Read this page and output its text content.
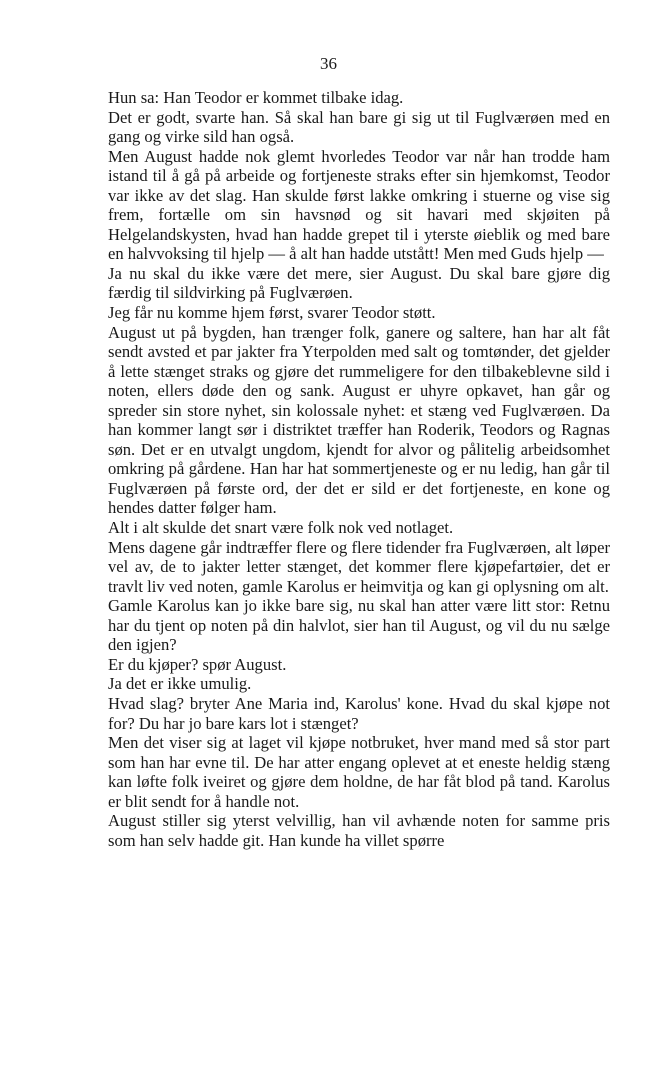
36

Hun sa: Han Teodor er kommet tilbake idag.

Det er godt, svarte han. Så skal han bare gi sig ut til Fuglværøen med en gang og virke sild han også.

Men August hadde nok glemt hvorledes Teodor var når han trodde ham istand til å gå på arbeide og fortjeneste straks efter sin hjemkomst, Teodor var ikke av det slag. Han skulde først lakke omkring i stuerne og vise sig frem, fortælle om sin havsnød og sit havari med skjøiten på Helgelandskysten, hvad han hadde grepet til i yterste øieblik og med bare en halvvoksing til hjelp — å alt han hadde utstått! Men med Guds hjelp —

Ja nu skal du ikke være det mere, sier August. Du skal bare gjøre dig færdig til sildvirking på Fuglværøen.

Jeg får nu komme hjem først, svarer Teodor støtt.

August ut på bygden, han trænger folk, ganere og saltere, han har alt fåt sendt avsted et par jakter fra Yterpolden med salt og tomtønder, det gjelder å lette stænget straks og gjøre det rummeligere for den tilbakeblevne sild i noten, ellers døde den og sank. August er uhyre opkavet, han går og spreder sin store nyhet, sin kolossale nyhet: et stæng ved Fuglværøen. Da han kommer langt sør i distriktet træffer han Roderik, Teodors og Ragnas søn. Det er en utvalgt ungdom, kjendt for alvor og pålitelig arbeidsomhet omkring på gårdene. Han har hat sommertjeneste og er nu ledig, han går til Fuglværøen på første ord, der det er sild er det fortjeneste, en kone og hendes datter følger ham.

Alt i alt skulde det snart være folk nok ved notlaget.

Mens dagene går indtræffer flere og flere tidender fra Fuglværøen, alt løper vel av, de to jakter letter stænget, det kommer flere kjøpefartøier, det er travlt liv ved noten, gamle Karolus er heimvitja og kan gi oplysning om alt.

Gamle Karolus kan jo ikke bare sig, nu skal han atter være litt stor: Retnu har du tjent op noten på din halvlot, sier han til August, og vil du nu sælge den igjen?

Er du kjøper? spør August.

Ja det er ikke umulig.

Hvad slag? bryter Ane Maria ind, Karolus' kone. Hvad du skal kjøpe not for? Du har jo bare kars lot i stænget?

Men det viser sig at laget vil kjøpe notbruket, hver mand med så stor part som han har evne til. De har atter engang oplevet at et eneste heldig stæng kan løfte folk iveiret og gjøre dem holdne, de har fåt blod på tand. Karolus er blit sendt for å handle not.

August stiller sig yterst velvillig, han vil avhænde noten for samme pris som han selv hadde git. Han kunde ha villet spørre
